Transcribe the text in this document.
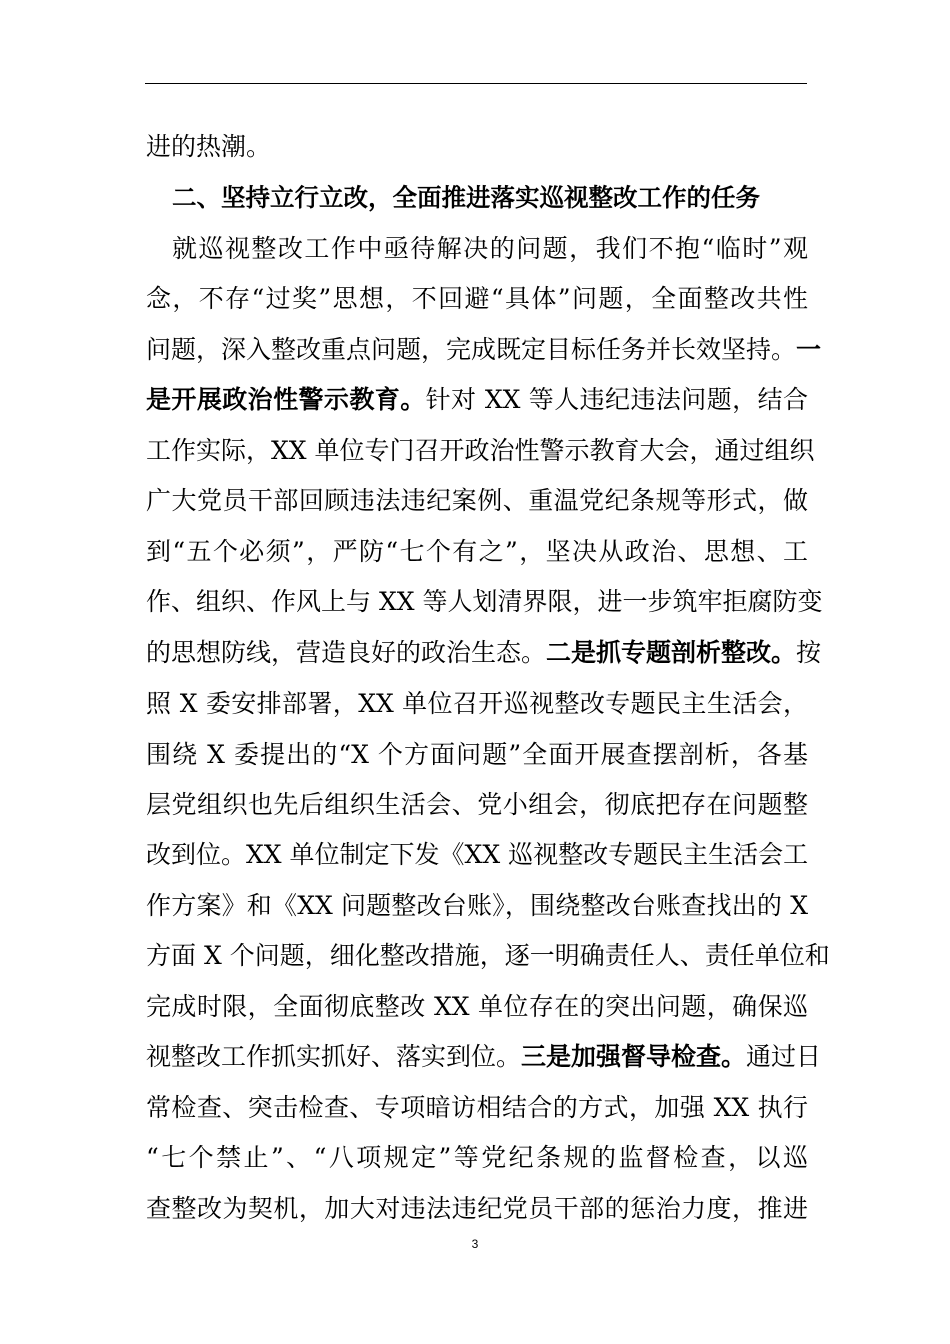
进的热潮。
二、坚持立行立改，全面推进落实巡视整改工作的任务
就巡视整改工作中亟待解决的问题，我们不抱“临时”观
念，不存“过奖”思想，不回避“具体”问题，全面整改共性
问题，深入整改重点问题，完成既定目标任务并长效坚持。一
是开展政治性警示教育。针对 XX 等人违纪违法问题，结合
工作实际，XX 单位专门召开政治性警示教育大会，通过组织
广大党员干部回顾违法违纪案例、重温党纪条规等形式，做
到“五个必须”，严防“七个有之”，坚决从政治、思想、工
作、组织、作风上与 XX 等人划清界限，进一步筑牢拒腐防变
的思想防线，营造良好的政治生态。二是抓专题剖析整改。按
照 X 委安排部署，XX 单位召开巡视整改专题民主生活会，
围绕 X 委提出的“X 个方面问题”全面开展查摆剖析，各基
层党组织也先后组织生活会、党小组会，彻底把存在问题整
改到位。XX 单位制定下发《XX 巡视整改专题民主生活会工
作方案》和《XX 问题整改台账》，围绕整改台账查找出的 X
方面 X 个问题，细化整改措施，逐一明确责任人、责任单位和
完成时限，全面彻底整改 XX 单位存在的突出问题，确保巡
视整改工作抓实抓好、落实到位。三是加强督导检查。通过日
常检查、突击检查、专项暗访相结合的方式，加强 XX 执行
“七个禁止”、“八项规定”等党纪条规的监督检查，以巡
查整改为契机，加大对违法违纪党员干部的惩治力度，推进
3
